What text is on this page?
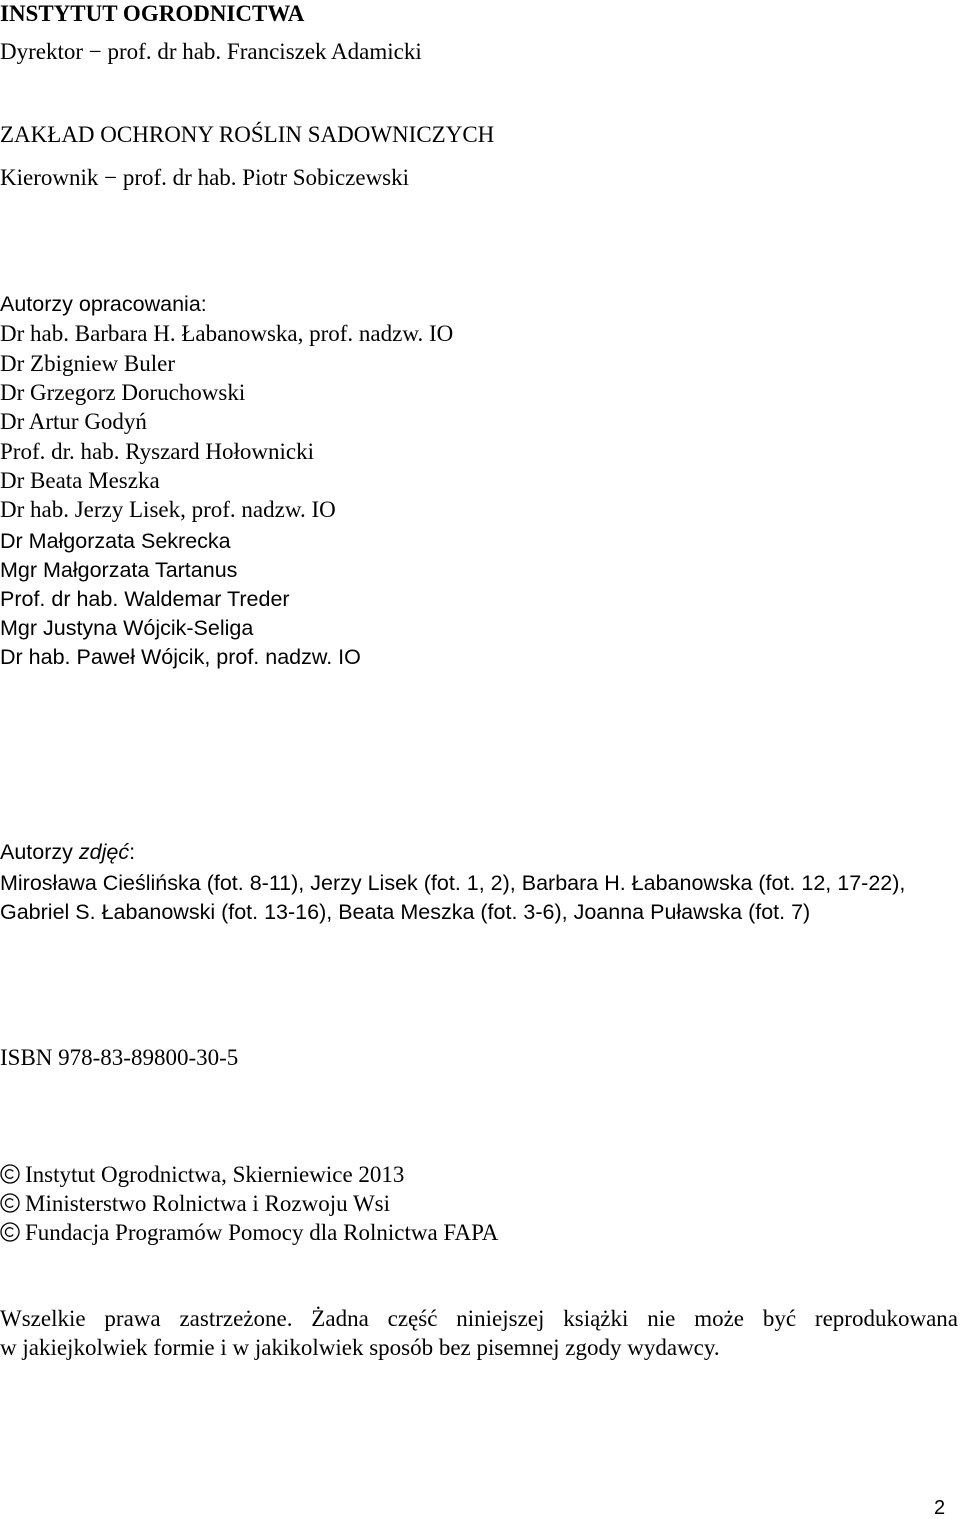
INSTYTUT OGRODNICTWA
Dyrektor − prof. dr hab. Franciszek Adamicki
ZAKŁAD OCHRONY ROŚLIN SADOWNICZYCH
Kierownik − prof. dr hab. Piotr Sobiczewski
Autorzy opracowania:
Dr hab. Barbara H. Łabanowska, prof. nadzw. IO
Dr Zbigniew Buler
Dr Grzegorz Doruchowski
Dr Artur Godyń
Prof. dr. hab. Ryszard Hołownicki
Dr Beata Meszka
Dr hab. Jerzy Lisek, prof. nadzw. IO
Dr Małgorzata Sekrecka
Mgr Małgorzata Tartanus
Prof. dr hab. Waldemar Treder
Mgr Justyna Wójcik-Seliga
Dr hab. Paweł Wójcik, prof. nadzw. IO
Autorzy zdjęć:
Mirosława Cieślińska (fot. 8-11), Jerzy Lisek (fot. 1, 2), Barbara H. Łabanowska (fot. 12, 17-22),
Gabriel S. Łabanowski (fot. 13-16), Beata Meszka (fot. 3-6), Joanna Puławska (fot. 7)
ISBN 978-83-89800-30-5
Instytut Ogrodnictwa, Skierniewice 2013
Ministerstwo Rolnictwa i Rozwoju Wsi
Fundacja Programów Pomocy dla Rolnictwa FAPA
Wszelkie prawa zastrzeżone. Żadna część niniejszej książki nie może być reprodukowana
w jakiejkolwiek formie i w jakikolwiek sposób bez pisemnej zgody wydawcy.
2
